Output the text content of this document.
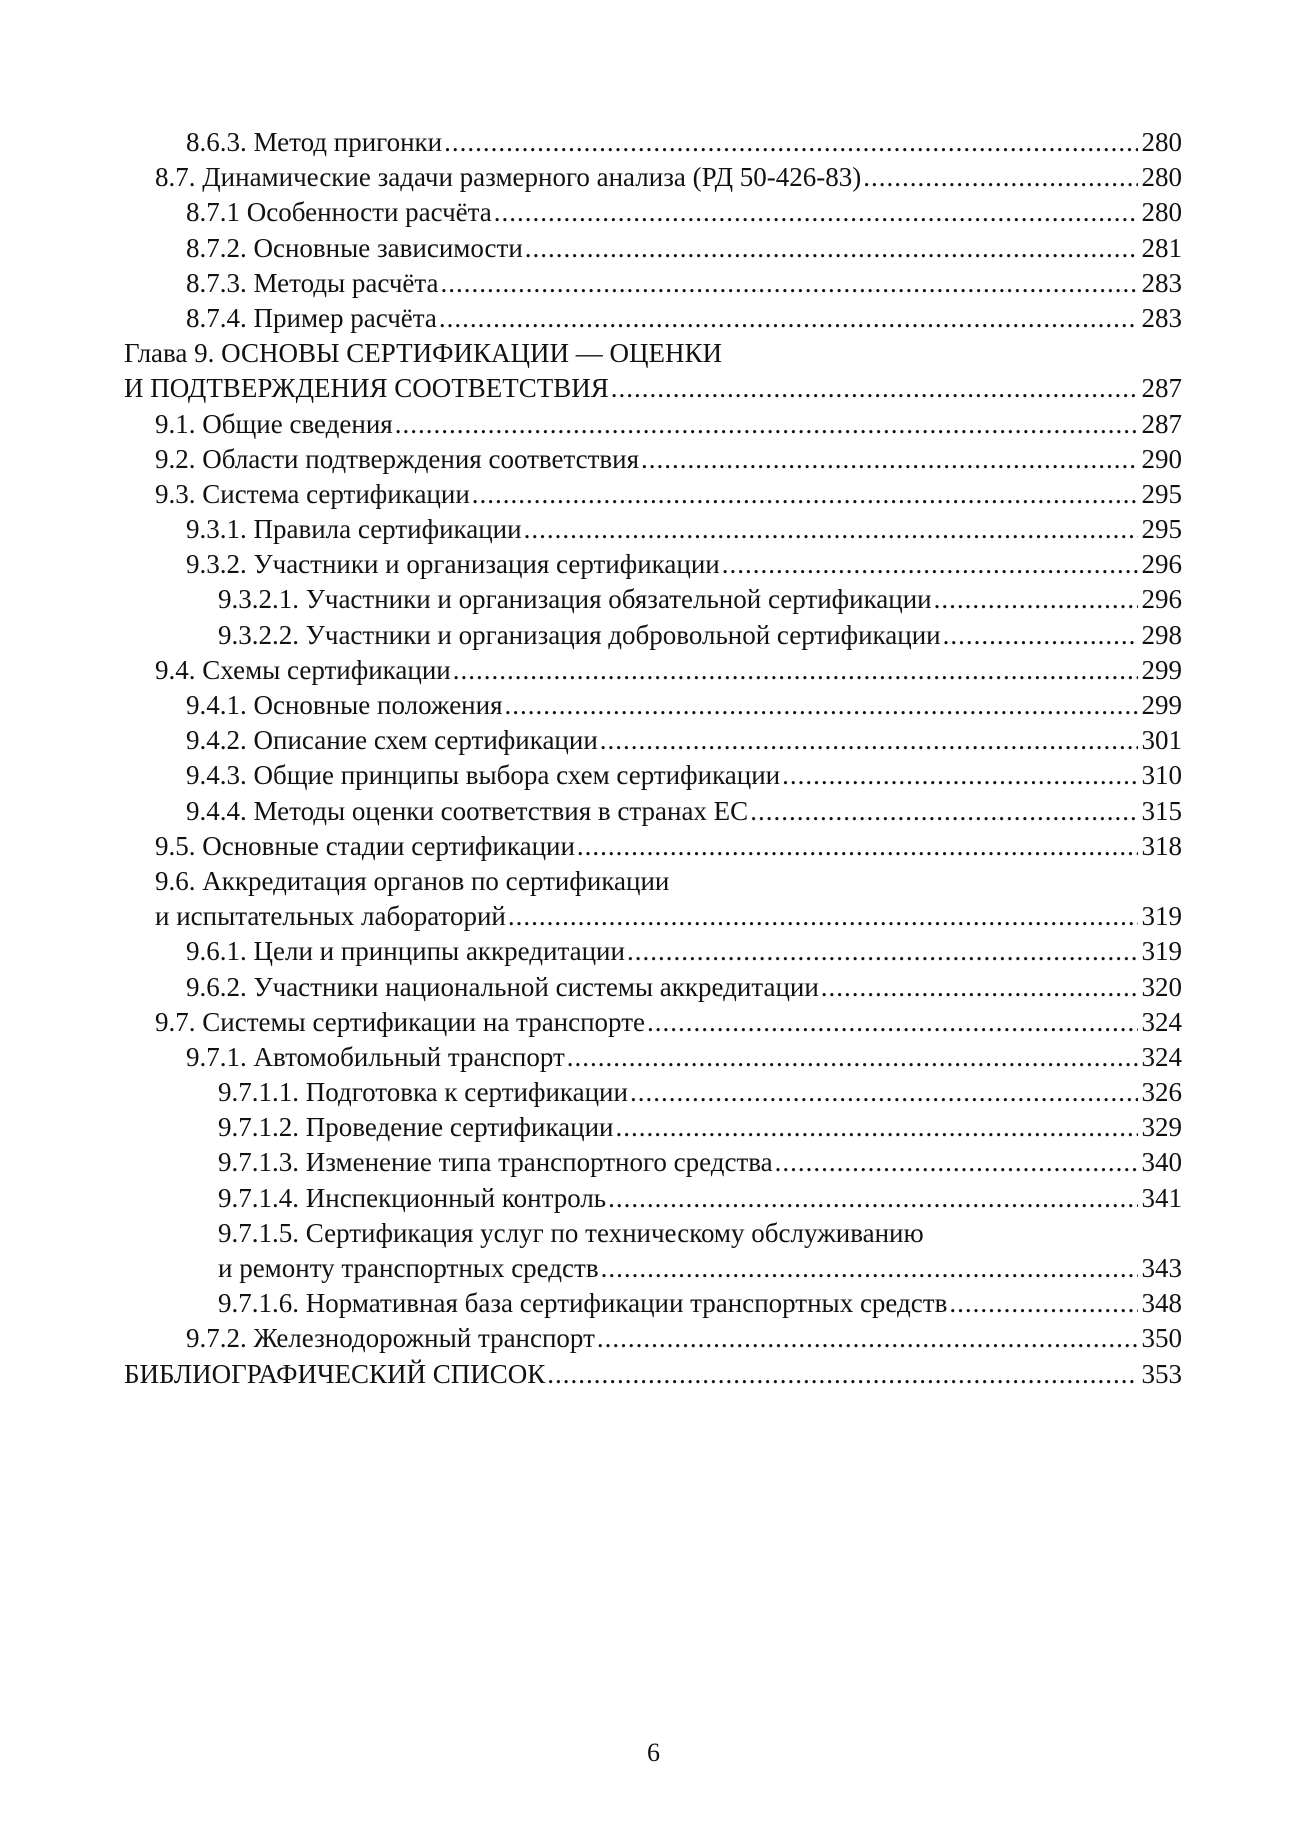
8.6.3. Метод пригонки .....	280
8.7. Динамические задачи размерного анализа (РД 50-426-83) .....	280
8.7.1 Особенности расчёта .....	280
8.7.2. Основные зависимости .....	281
8.7.3. Методы расчёта .....	283
8.7.4. Пример расчёта .....	283
Глава 9. ОСНОВЫ СЕРТИФИКАЦИИ — ОЦЕНКИ
И ПОДТВЕРЖДЕНИЯ СООТВЕТСТВИЯ .....	287
9.1. Общие сведения .....	287
9.2. Области подтверждения соответствия .....	290
9.3. Система сертификации .....	295
9.3.1. Правила сертификации .....	295
9.3.2. Участники и организация сертификации .....	296
9.3.2.1. Участники и организация обязательной сертификации .....	296
9.3.2.2. Участники и организация добровольной сертификации .....	298
9.4. Схемы сертификации .....	299
9.4.1. Основные положения .....	299
9.4.2. Описание схем сертификации .....	301
9.4.3. Общие принципы выбора схем сертификации .....	310
9.4.4. Методы оценки соответствия в странах ЕС .....	315
9.5. Основные стадии сертификации .....	318
9.6. Аккредитация органов по сертификации
и испытательных лабораторий .....	319
9.6.1. Цели и принципы аккредитации .....	319
9.6.2. Участники национальной системы аккредитации .....	320
9.7. Системы сертификации на транспорте .....	324
9.7.1. Автомобильный транспорт .....	324
9.7.1.1. Подготовка к сертификации .....	326
9.7.1.2. Проведение сертификации .....	329
9.7.1.3. Изменение типа транспортного средства .....	340
9.7.1.4. Инспекционный контроль .....	341
9.7.1.5. Сертификация услуг по техническому обслуживанию
и ремонту транспортных средств .....	343
9.7.1.6. Нормативная база сертификации транспортных средств .....	348
9.7.2. Железнодорожный транспорт .....	350
БИБЛИОГРАФИЧЕСКИЙ СПИСОК .....	353
6
